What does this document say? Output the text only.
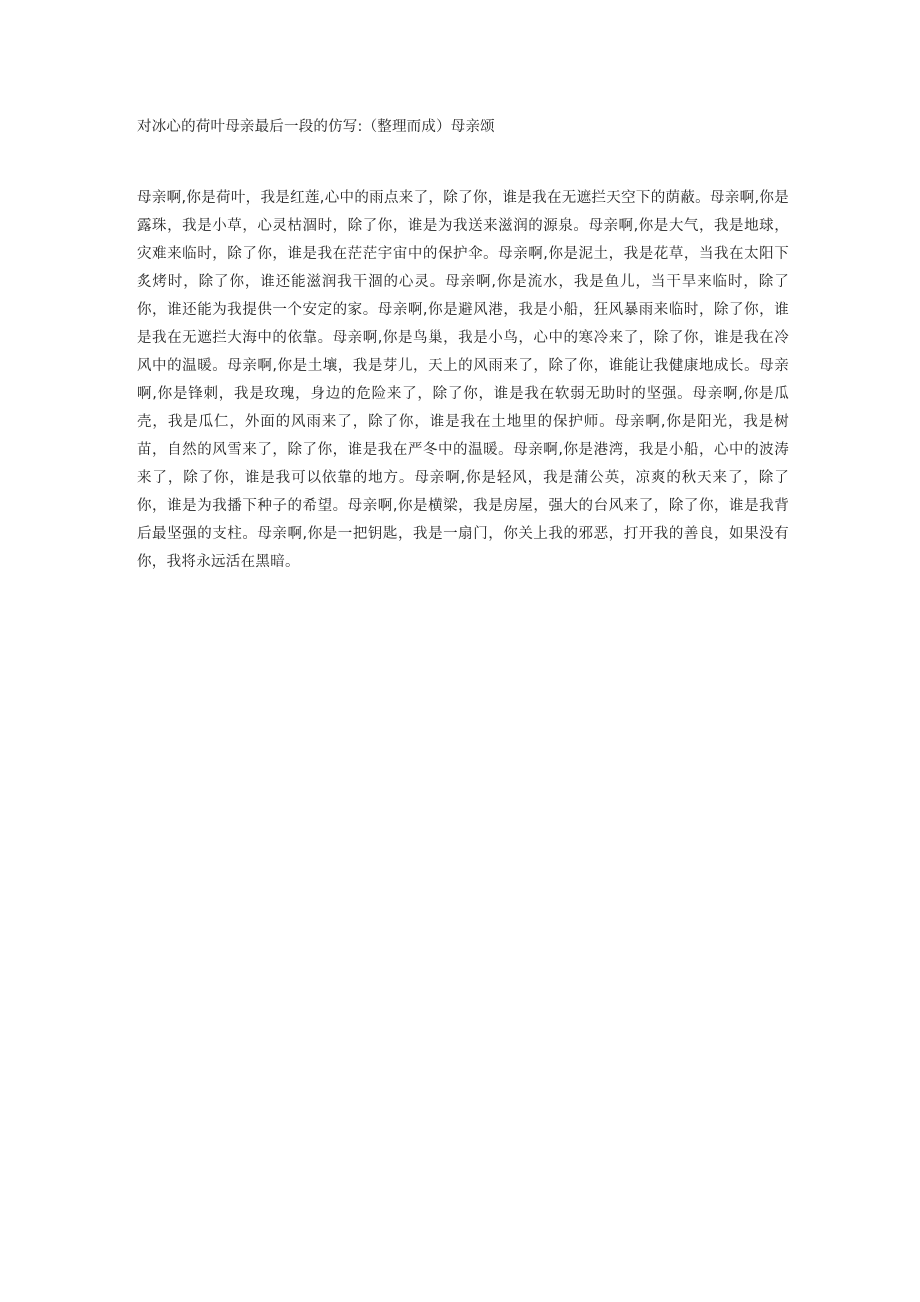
对冰心的荷叶母亲最后一段的仿写:（整理而成）母亲颂

母亲啊,你是荷叶，我是红莲,心中的雨点来了，除了你，谁是我在无遮拦天空下的荫蔽。母亲啊,你是露珠，我是小草，心灵枯涸时，除了你，谁是为我送来滋润的源泉。母亲啊,你是大气，我是地球，灾难来临时，除了你，谁是我在茫茫宇宙中的保护伞。母亲啊,你是泥土，我是花草，当我在太阳下炙烤时，除了你，谁还能滋润我干涸的心灵。母亲啊,你是流水，我是鱼儿，当干旱来临时，除了你，谁还能为我提供一个安定的家。母亲啊,你是避风港，我是小船，狂风暴雨来临时，除了你，谁是我在无遮拦大海中的依靠。母亲啊,你是鸟巢，我是小鸟，心中的寒冷来了，除了你，谁是我在冷风中的温暖。母亲啊,你是土壤，我是芽儿，天上的风雨来了，除了你，谁能让我健康地成长。母亲啊,你是锋刺，我是玫瑰，身边的危险来了，除了你，谁是我在软弱无助时的坚强。母亲啊,你是瓜壳，我是瓜仁，外面的风雨来了，除了你，谁是我在土地里的保护师。母亲啊,你是阳光，我是树苗，自然的风雪来了，除了你，谁是我在严冬中的温暖。母亲啊,你是港湾，我是小船，心中的波涛来了，除了你，谁是我可以依靠的地方。母亲啊,你是轻风，我是蒲公英，凉爽的秋天来了，除了你，谁是为我播下种子的希望。母亲啊,你是横梁，我是房屋，强大的台风来了，除了你，谁是我背后最坚强的支柱。母亲啊,你是一把钥匙，我是一扇门，你关上我的邪恶，打开我的善良，如果没有你，我将永远活在黑暗。
